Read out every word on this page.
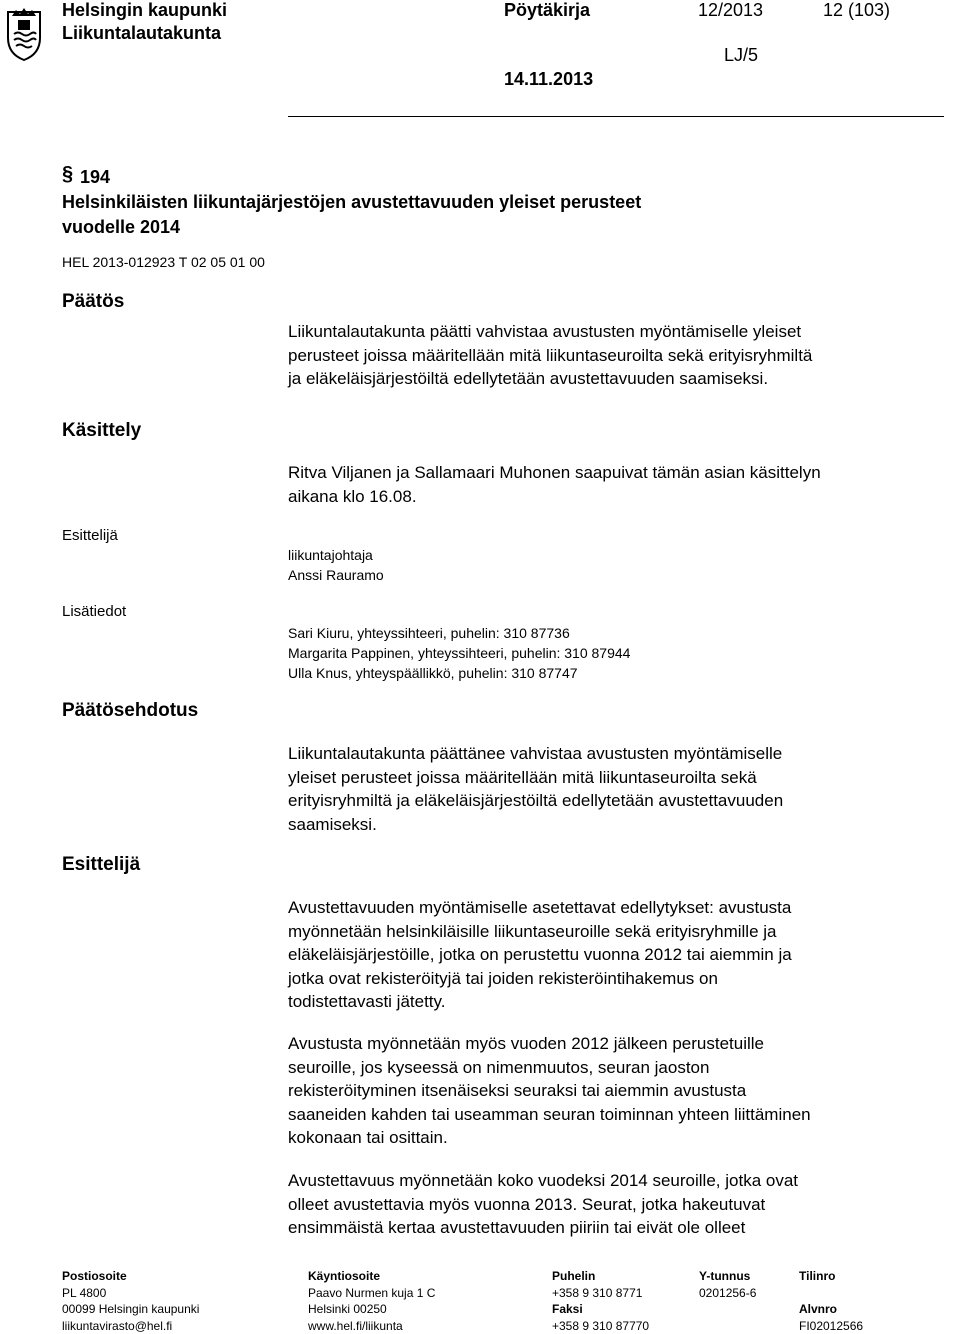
Helsingin kaupunki
Liikuntalautakunta
Pöytäkirja	12/2013	12 (103)
LJ/5
14.11.2013
§ 194
Helsinkiläisten liikuntajärjestöjen avustettavuuden yleiset perusteet
vuodelle 2014
HEL 2013-012923 T 02 05 01 00
Päätös
Käsittely
Esittelijä
Lisätiedot
Päätösehdotus
Esittelijä
Liikuntalautakunta päätti vahvistaa avustusten myöntämiselle yleiset
perusteet joissa määritellään mitä liikuntaseuroilta sekä erityisryhmiltä
ja eläkeläisjärjestöiltä edellytetään avustettavuuden saamiseksi.
Ritva Viljanen ja Sallamaari Muhonen saapuivat tämän asian käsittelyn
aikana klo 16.08.
liikuntajohtaja
Anssi Rauramo
Sari Kiuru, yhteyssihteeri, puhelin: 310 87736
Margarita Pappinen, yhteyssihteeri, puhelin: 310 87944
Ulla Knus, yhteyspäällikkö, puhelin: 310 87747
Liikuntalautakunta päättänee vahvistaa avustusten myöntämiselle
yleiset perusteet joissa määritellään mitä liikuntaseuroilta sekä
erityisryhmiltä ja eläkeläisjärjestöiltä edellytetään avustettavuuden
saamiseksi.
Avustettavuuden myöntämiselle asetettavat edellytykset: avustusta
myönnetään helsinkiläisille liikuntaseuroille sekä erityisryhmille ja
eläkeläisjärjestöille, jotka on perustettu vuonna 2012 tai aiemmin ja
jotka ovat rekisteröityjä tai joiden rekisteröintihakemus on
todistettavasti jätetty.
Avustusta myönnetään myös vuoden 2012 jälkeen perustetuille
seuroille, jos kyseessä on nimenmuutos, seuran jaoston
rekisteröityminen itsenäiseksi seuraksi tai aiemmin avustusta
saaneiden kahden tai useamman seuran toiminnan yhteen liittäminen
kokonaan tai osittain.
Avustettavuus myönnetään koko vuodeksi 2014 seuroille, jotka ovat
olleet avustettavia myös vuonna 2013. Seurat, jotka hakeutuvat
ensimmäistä kertaa avustettavuuden piiriin tai eivät ole olleet
Postiosoite
PL 4800
00099 Helsingin kaupunki
liikuntavirasto@hel.fi
Käyntiosoite
Paavo Nurmen kuja 1 C
Helsinki 00250
www.hel.fi/liikunta
Puhelin
+358 9 310 8771
Faksi
+358 9 310 87770
Y-tunnus
0201256-6
Tilinro

Alvnro
FI02012566
